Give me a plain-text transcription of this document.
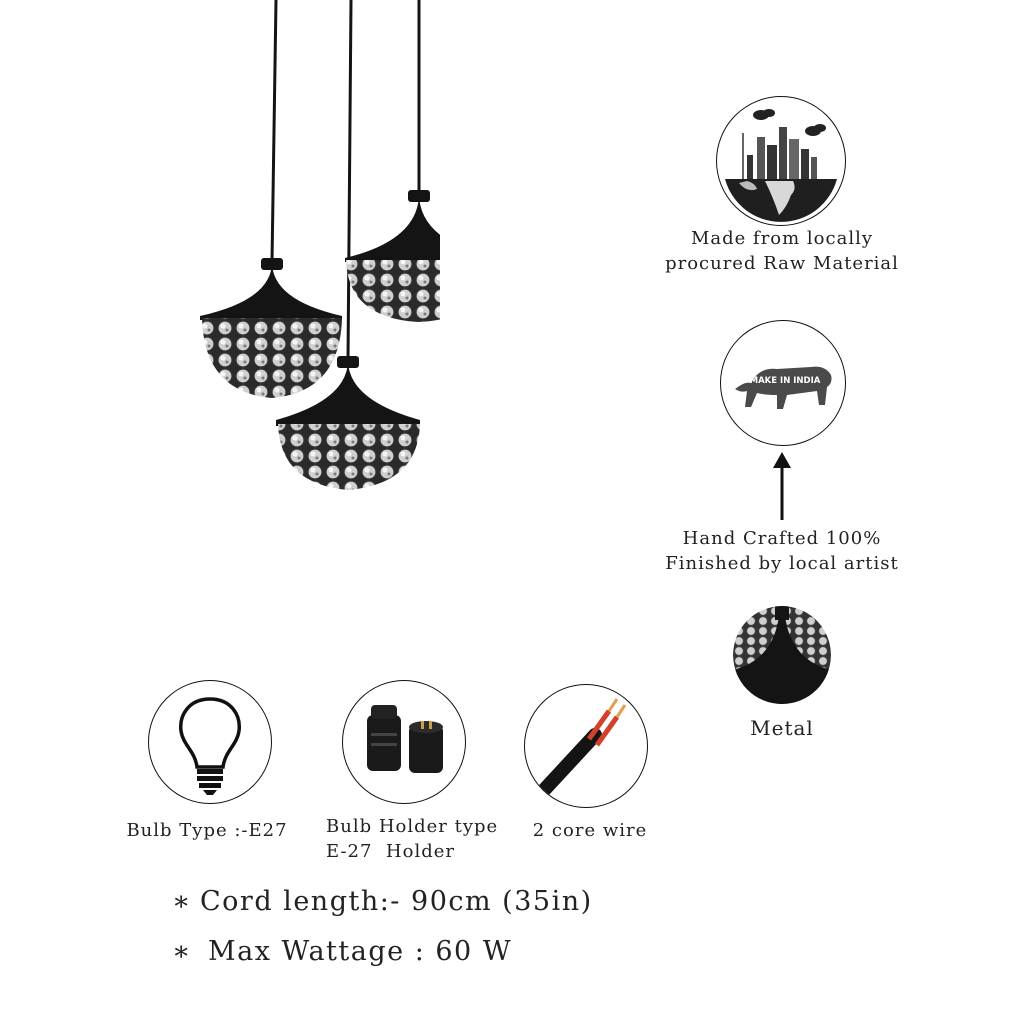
Made from locally
procured Raw Material
MAKE IN INDIA
Hand Crafted 100%
Finished by local artist
Metal
Bulb Type :-E27	Bulb Holder type
E-27  Holder
2 core wire
∗ Cord length:- 90cm (35in)
∗ Max Wattage : 60 W
